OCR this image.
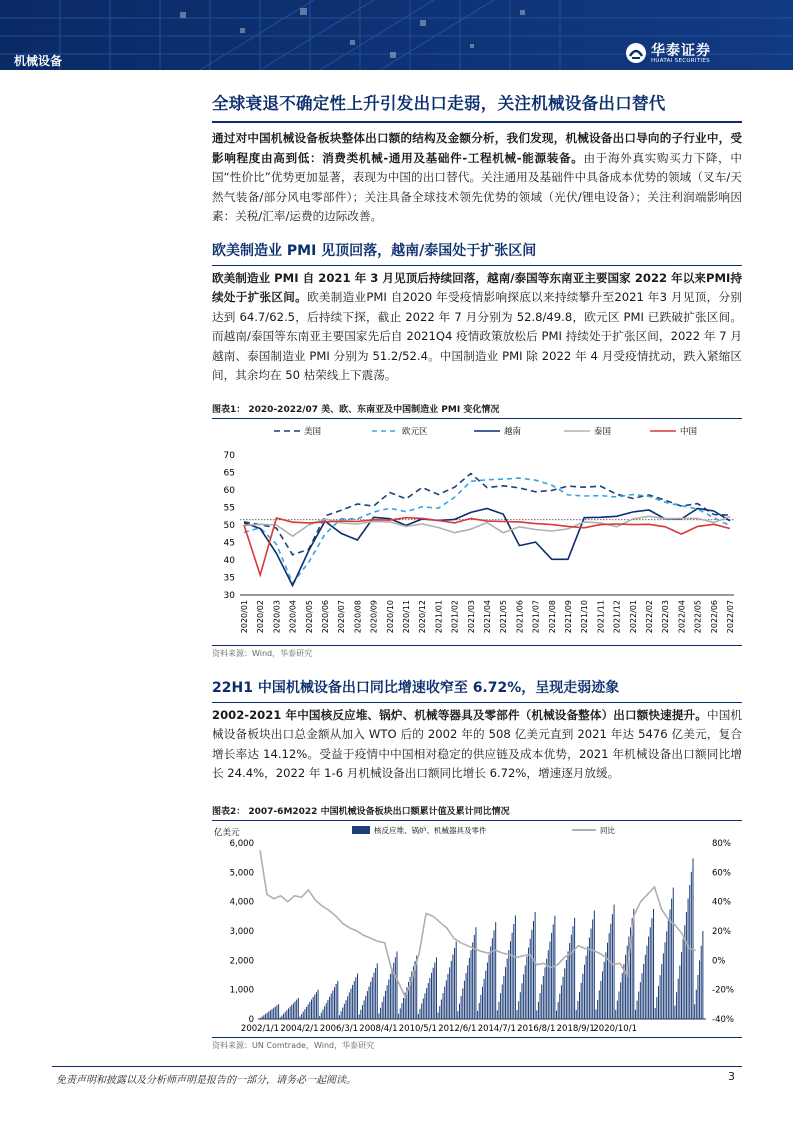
机械设备
华泰证券
HUATAI SECURITIES
全球衰退不确定性上升引发出口走弱，关注机械设备出口替代

通过对中国机械设备板块整体出口额的结构及金额分析，我们发现，机械设备出口导向的子行业中，受影响程度由高到低：消费类机械-通用及基础件-工程机械-能源装备。由于海外真实购买力下降，中国“性价比”优势更加显著，表现为中国的出口替代。关注通用及基础件中具备成本优势的领域（叉车/天然气装备/部分风电零部件）；关注具备全球技术领先优势的领域（光伏/锂电设备）；关注利润端影响因素：关税/汇率/运费的边际改善。

欧美制造业 PMI 见顶回落，越南/泰国处于扩张区间

欧美制造业 PMI 自 2021 年 3 月见顶后持续回落，越南/泰国等东南亚主要国家 2022 年以来PMI持续处于扩张区间。欧美制造业PMI 自2020 年受疫情影响探底以来持续攀升至2021 年3 月见顶，分别达到 64.7/62.5，后持续下探，截止 2022 年 7 月分别为 52.8/49.8，欧元区 PMI 已跌破扩张区间。而越南/泰国等东南亚主要国家先后自 2021Q4 疫情政策放松后 PMI 持续处于扩张区间，2022 年 7 月越南、泰国制造业 PMI 分别为 51.2/52.4。中国制造业 PMI 除 2022 年 4 月受疫情扰动，跌入紧缩区间，其余均在 50 枯荣线上下震荡。

图表1： 2020-2022/07 美、欧、东南亚及中国制造业 PMI 变化情况
美国	欧元区	越南	泰国	中国
30
35
40
45
50
55
60
65
70
2020/01 2020/02 2020/03 2020/04 2020/05 2020/06 2020/07 2020/08 2020/09 2020/10 2020/11 2020/12 2021/01 2021/02 2021/03 2021/04 2021/05 2021/06 2021/07 2021/08 2021/09 2021/10 2021/11 2021/12 2022/01 2022/02 2022/03 2022/04 2022/05 2022/06 2022/07
资料来源：Wind，华泰研究
22H1 中国机械设备出口同比增速收窄至 6.72%，呈现走弱迹象

2002-2021 年中国核反应堆、锅炉、机械等器具及零部件（机械设备整体）出口额快速提升。中国机械设备板块出口总金额从加入 WTO 后的 2002 年的 508 亿美元直到 2021 年达 5476 亿美元，复合增长率达 14.12%。受益于疫情中中国相对稳定的供应链及成本优势，2021 年机械设备出口额同比增长 24.4%，2022 年 1-6 月机械设备出口额同比增长 6.72%，增速逐月放缓。

图表2： 2007-6M2022 中国机械设备板块出口额累计值及累计同比情况
亿美元	核反应堆、锅炉、机械器具及零件	同比
0
1,000
2,000
3,000
4,000
5,000
6,000
-40%
-20%
0%
20%
40%
60%
80%
2002/1/1 2004/2/1 2006/3/1 2008/4/1 2010/5/1 2012/6/1 2014/7/1 2016/8/1 2018/9/1
2020/10/1
资料来源：UN Comtrade，Wind，华泰研究
免责声明和披露以及分析师声明是报告的一部分，请务必一起阅读。	3
